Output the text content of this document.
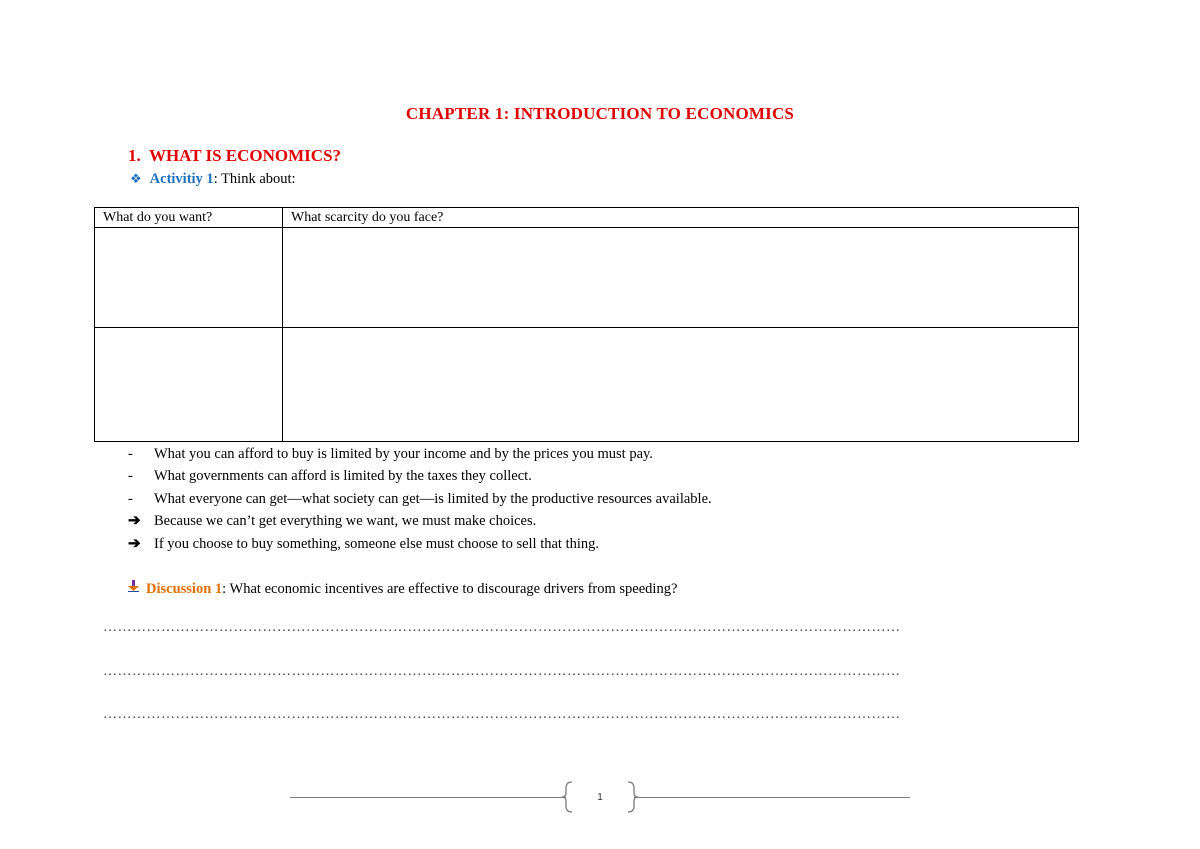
CHAPTER 1: INTRODUCTION TO ECONOMICS
1. WHAT IS ECONOMICS?
❖ Activitiy 1: Think about:
What do you want?	What scarcity do you face?

- What you can afford to buy is limited by your income and by the prices you must pay.
- What governments can afford is limited by the taxes they collect.
- What everyone can get—what society can get—is limited by the productive resources available.
➔ Because we can’t get everything we want, we must make choices.
➔ If you choose to buy something, someone else must choose to sell that thing.
Discussion 1: What economic incentives are effective to discourage drivers from speeding?
…………………………………………………………………………………………………………………………………………………
…………………………………………………………………………………………………………………………………………………
…………………………………………………………………………………………………………………………………………………
1
